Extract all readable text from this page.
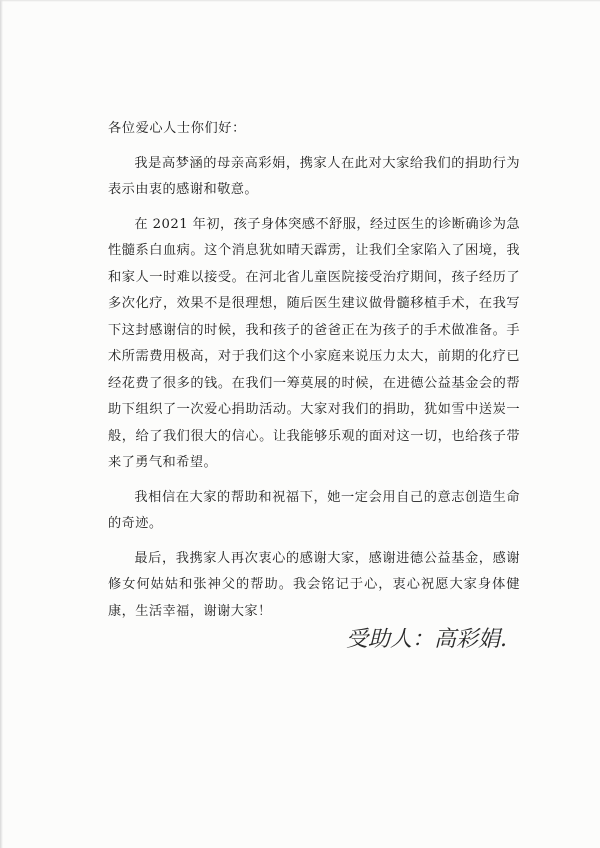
各位爱心人士你们好：

我是高梦涵的母亲高彩娟，携家人在此对大家给我们的捐助行为表示由衷的感谢和敬意。

在 2021 年初，孩子身体突感不舒服，经过医生的诊断确诊为急性髓系白血病。这个消息犹如晴天霹雳，让我们全家陷入了困境，我和家人一时难以接受。在河北省儿童医院接受治疗期间，孩子经历了多次化疗，效果不是很理想，随后医生建议做骨髓移植手术，在我写下这封感谢信的时候，我和孩子的爸爸正在为孩子的手术做准备。手术所需费用极高，对于我们这个小家庭来说压力太大，前期的化疗已经花费了很多的钱。在我们一筹莫展的时候，在进德公益基金会的帮助下组织了一次爱心捐助活动。大家对我们的捐助，犹如雪中送炭一般，给了我们很大的信心。让我能够乐观的面对这一切，也给孩子带来了勇气和希望。

我相信在大家的帮助和祝福下，她一定会用自己的意志创造生命的奇迹。

最后，我携家人再次衷心的感谢大家，感谢进德公益基金，感谢修女何姑姑和张神父的帮助。我会铭记于心，衷心祝愿大家身体健康，生活幸福，谢谢大家！

受助人：高彩娟.
